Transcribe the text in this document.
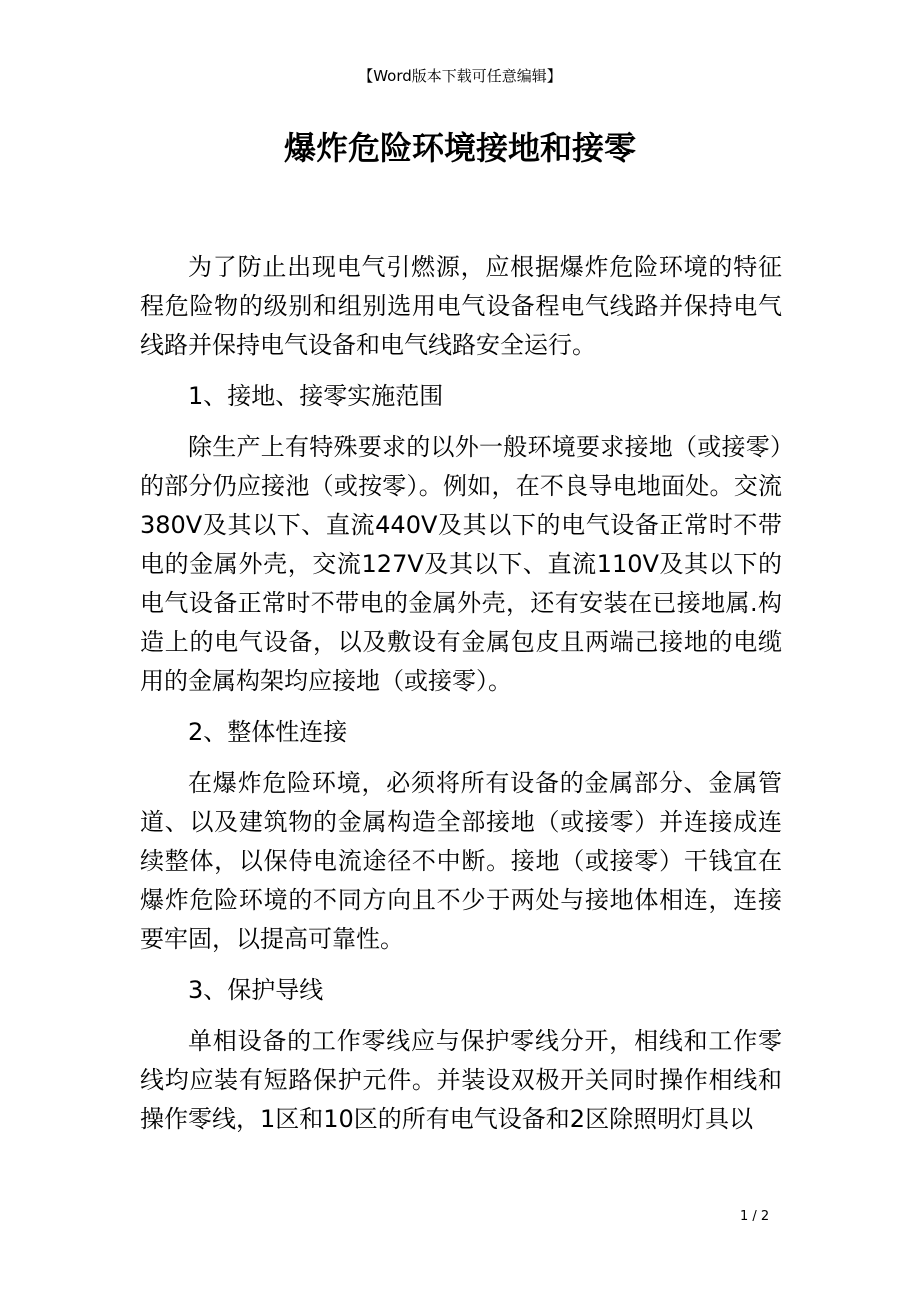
【Word版本下载可任意编辑】
爆炸危险环境接地和接零

为了防止出现电气引燃源，应根据爆炸危险环境的特征程危险物的级别和组别选用电气设备程电气线路并保持电气线路并保持电气设备和电气线路安全运行。

1、接地、接零实施范围

除生产上有特殊要求的以外一般环境要求接地（或接零）的部分仍应接池（或按零）。例如，在不良导电地面处。交流380V及其以下、直流440V及其以下的电气设备正常时不带电的金属外壳，交流127V及其以下、直流110V及其以下的电气设备正常时不带电的金属外壳，还有安装在已接地属.构造上的电气设备，以及敷设有金属包皮且两端己接地的电缆用的金属构架均应接地（或接零）。

2、整体性连接

在爆炸危险环境，必须将所有设备的金属部分、金属管道、以及建筑物的金属构造全部接地（或接零）并连接成连续整体，以保侍电流途径不中断。接地（或接零）干钱宜在爆炸危险环境的不同方向且不少于两处与接地体相连，连接要牢固，以提高可靠性。

3、保护导线

单相设备的工作零线应与保护零线分开，相线和工作零线均应装有短路保护元件。并装设双极开关同时操作相线和操作零线，1区和10区的所有电气设备和2区除照明灯具以

1 / 2
